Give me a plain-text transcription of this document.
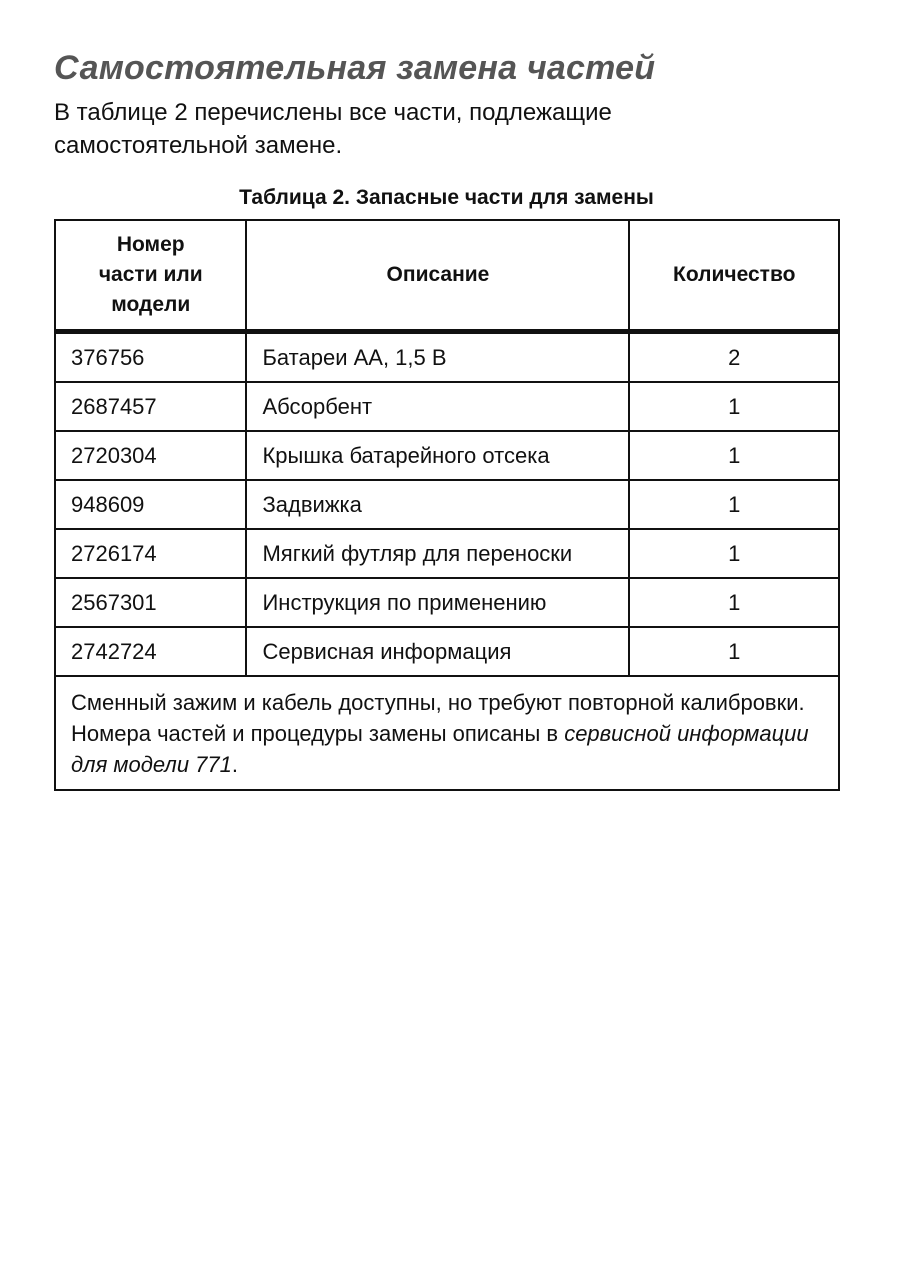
Самостоятельная замена частей

В таблице 2 перечислены все части, подлежащие самостоятельной замене.

Таблица 2. Запасные части для замены
Номер части или модели	Описание	Количество
376756	Батареи АА, 1,5 В	2
2687457	Абсорбент	1
2720304	Крышка батарейного отсека	1
948609	Задвижка	1
2726174	Мягкий футляр для переноски	1
2567301	Инструкция по применению	1
2742724	Сервисная информация	1
Сменный зажим и кабель доступны, но требуют повторной калибровки. Номера частей и процедуры замены описаны в сервисной информации для модели 771.		
